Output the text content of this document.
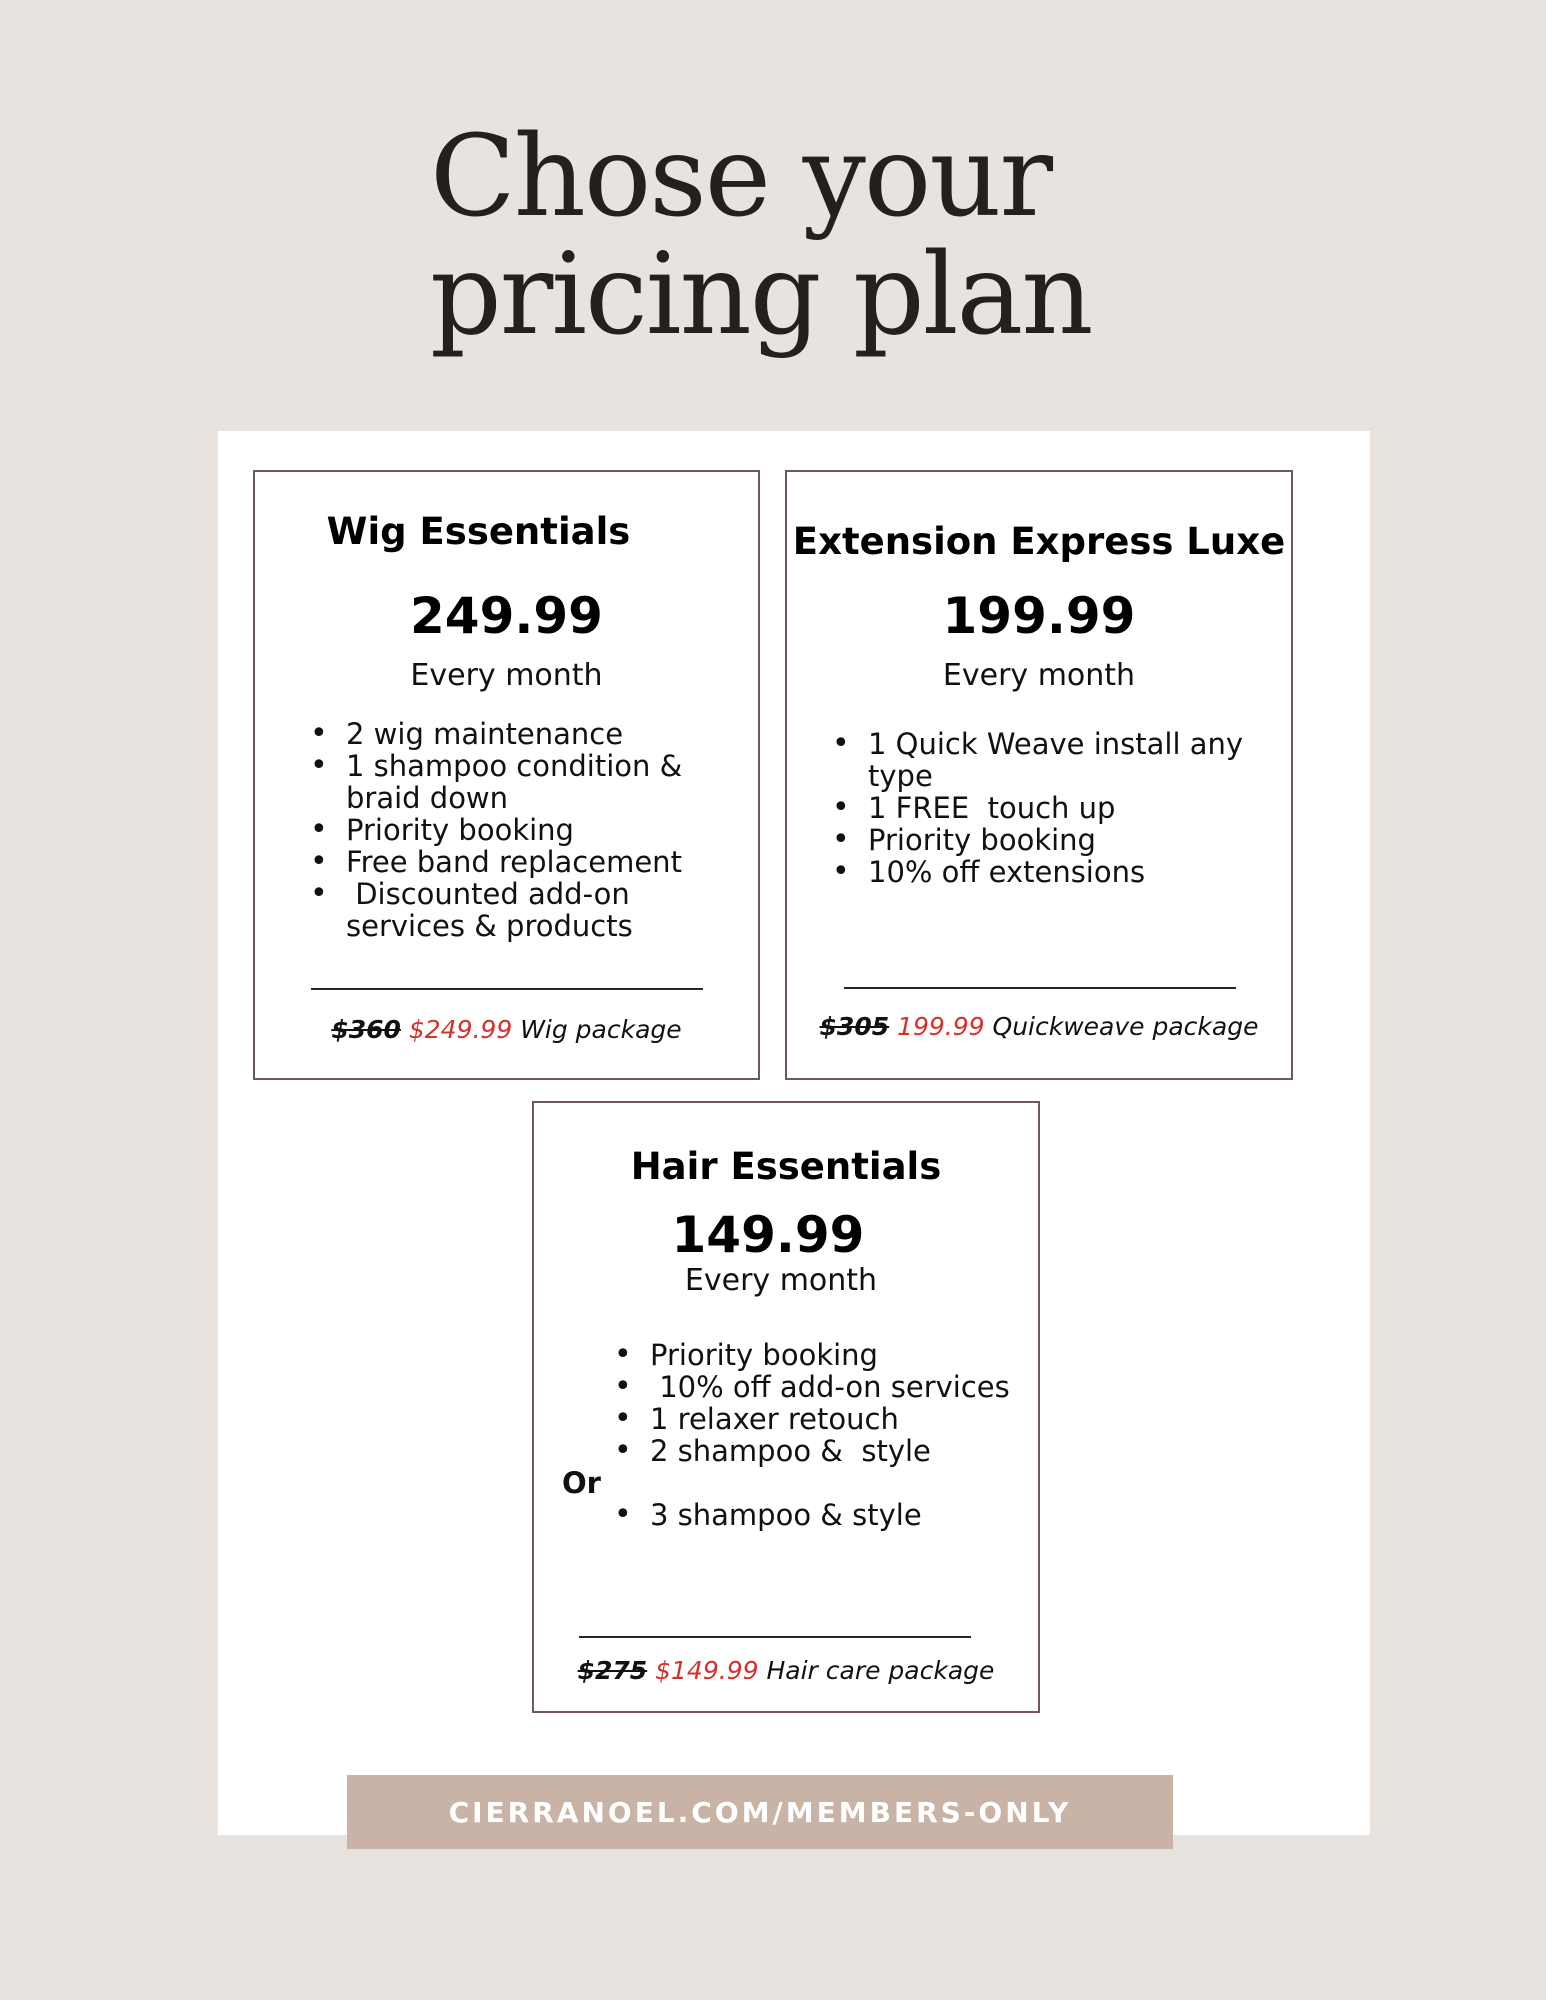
Chose your
pricing plan
Wig Essentials
249.99
Every month
• 2 wig maintenance
• 1 shampoo condition & braid down
• Priority booking
• Free band replacement
• Discounted add-on services & products
$360 $249.99 Wig package
Extension Express Luxe
199.99
Every month
• 1 Quick Weave install any type
• 1 FREE  touch up
• Priority booking
• 10% off extensions
$305 199.99 Quickweave package
Hair Essentials
149.99
Every month
• Priority booking
• 10% off add-on services
• 1 relaxer retouch
• 2 shampoo &  style
Or
• 3 shampoo & style
$275 $149.99 Hair care package
CIERRANOEL.COM/MEMBERS-ONLY
